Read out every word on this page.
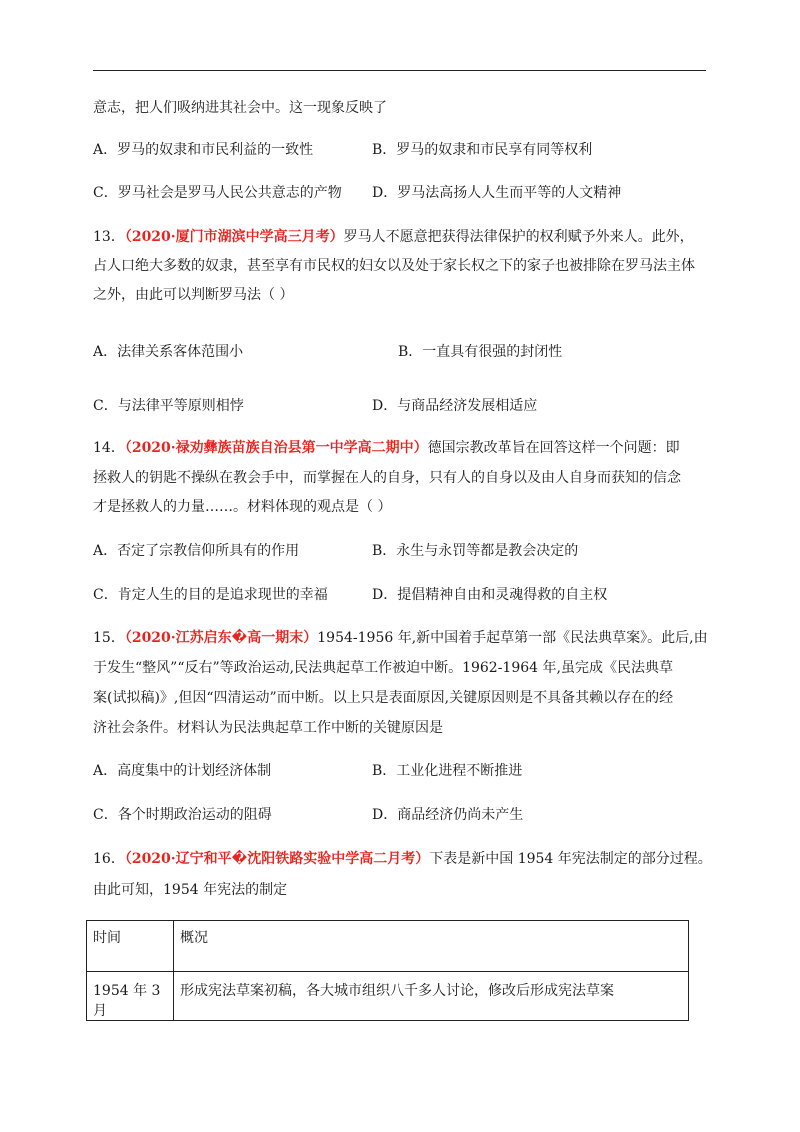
意志，把人们吸纳进其社会中。这一现象反映了
A．罗马的奴隶和市民利益的一致性	B．罗马的奴隶和市民享有同等权利
C．罗马社会是罗马人民公共意志的产物 D．罗马法高扬人人生而平等的人文精神
13．（2020·厦门市湖滨中学高三月考）罗马人不愿意把获得法律保护的权利赋予外来人。此外，
占人口绝大多数的奴隶，甚至享有市民权的妇女以及处于家长权之下的家子也被排除在罗马法主体
之外，由此可以判断罗马法（ ）
A．法律关系客体范围小	B．一直具有很强的封闭性
C．与法律平等原则相悖	D．与商品经济发展相适应
14．（2020·禄劝彝族苗族自治县第一中学高二期中）德国宗教改革旨在回答这样一个问题：即
拯救人的钥匙不操纵在教会手中，而掌握在人的自身，只有人的自身以及由人自身而获知的信念
才是拯救人的力量……。材料体现的观点是（ ）
A．否定了宗教信仰所具有的作用	B．永生与永罚等都是教会决定的
C．肯定人生的目的是追求现世的幸福	D．提倡精神自由和灵魂得救的自主权
15．（2020·江苏启东�高一期末）1954-1956 年,新中国着手起草第一部《民法典草案》。此后,由
于发生“整风”“反右”等政治运动,民法典起草工作被迫中断。1962-1964 年,虽完成《民法典草
案(试拟稿)》,但因“四清运动”而中断。以上只是表面原因,关键原因则是不具备其赖以存在的经
济社会条件。材料认为民法典起草工作中断的关键原因是
A．高度集中的计划经济体制	B．工业化进程不断推进
C．各个时期政治运动的阻碍	D．商品经济仍尚未产生
16．（2020·辽宁和平�沈阳铁路实验中学高二月考）下表是新中国 1954 年宪法制定的部分过程。
由此可知，1954 年宪法的制定
时间	概况
1954 年 3 月	形成宪法草案初稿，各大城市组织八千多人讨论，修改后形成宪法草案
